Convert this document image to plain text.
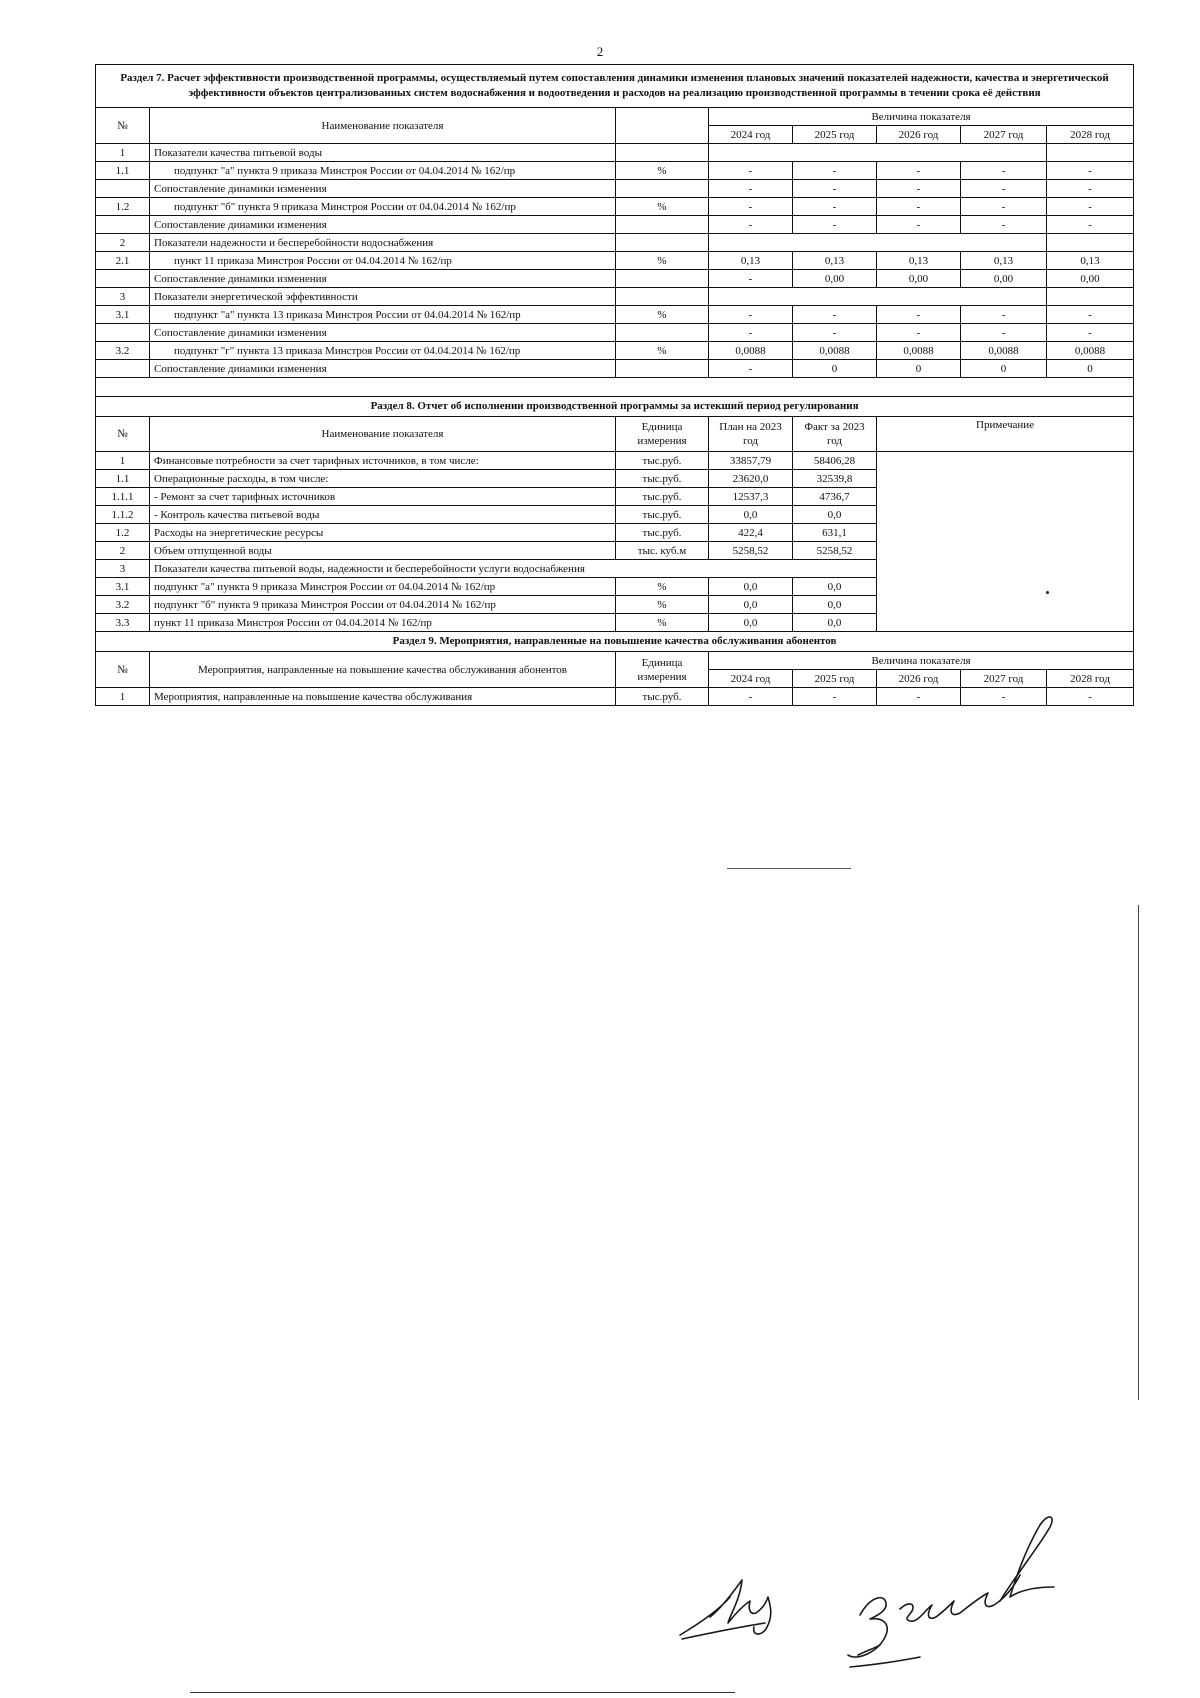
2
Раздел 7. Расчет эффективности производственной программы, осуществляемый путем сопоставления динамики изменения плановых значений показателей надежности, качества и энергетической эффективности объектов централизованных систем водоснабжения и водоотведения и расходов на реализацию производственной программы в течении срока её действия							
№	Наименование показателя		Величина показателя				
			2024 год	2025 год	2026 год	2027 год	2028 год
1	Показатели качества питьевой воды						
1.1	подпункт "а" пункта 9 приказа Минстроя России от 04.04.2014 № 162/пр	%	-	-	-	-	-
	Сопоставление динамики изменения		-	-	-	-	-
1.2	подпункт "б" пункта 9 приказа Минстроя России от 04.04.2014 № 162/пр	%	-	-	-	-	-
	Сопоставление динамики изменения		-	-	-	-	-
2	Показатели надежности и бесперебойности водоснабжения						
2.1	пункт 11 приказа Минстроя России от 04.04.2014 № 162/пр	%	0,13	0,13	0,13	0,13	0,13
	Сопоставление динамики изменения		-	0,00	0,00	0,00	0,00
3	Показатели энергетической эффективности						
3.1	подпункт "а" пункта 13 приказа Минстроя России от 04.04.2014 № 162/пр	%	-	-	-	-	-
	Сопоставление динамики изменения		-	-	-	-	-
3.2	подпункт "г" пункта 13 приказа Минстроя России от 04.04.2014 № 162/пр	%	0,0088	0,0088	0,0088	0,0088	0,0088
	Сопоставление динамики изменения		-	0	0	0	0

Раздел 8. Отчет об исполнении производственной программы за истекший период регулирования							
№	Наименование показателя	Единица измерения	План на 2023 год	Факт за 2023 год	Примечание		
1	Финансовые потребности за счет тарифных источников, в том числе:	тыс.руб.	33857,79	58406,28			
1.1	Операционные расходы, в том числе:	тыс.руб.	23620,0	32539,8			
1.1.1	- Ремонт за счет тарифных источников	тыс.руб.	12537,3	4736,7			
1.1.2	- Контроль качества питьевой воды	тыс.руб.	0,0	0,0			
1.2	Расходы на энергетические ресурсы	тыс.руб.	422,4	631,1			
2	Объем отпущенной воды	тыс. куб.м	5258,52	5258,52			
3	Показатели качества питьевой воды, надежности и бесперебойности услуги водоснабжения						
3.1	подпункт "а" пункта 9 приказа Минстроя России от 04.04.2014 № 162/пр	%	0,0	0,0			
3.2	подпункт "б" пункта 9 приказа Минстроя России от 04.04.2014 № 162/пр	%	0,0	0,0			
3.3	пункт 11 приказа Минстроя России от 04.04.2014 № 162/пр	%	0,0	0,0			
Раздел 9. Мероприятия, направленные на повышение качества обслуживания абонентов							
№	Мероприятия, направленные на повышение качества обслуживания абонентов	Единица измерения	Величина показателя				
			2024 год	2025 год	2026 год	2027 год	2028 год
1	Мероприятия, направленные на повышение качества обслуживания	тыс.руб.	-	-	-	-	-
